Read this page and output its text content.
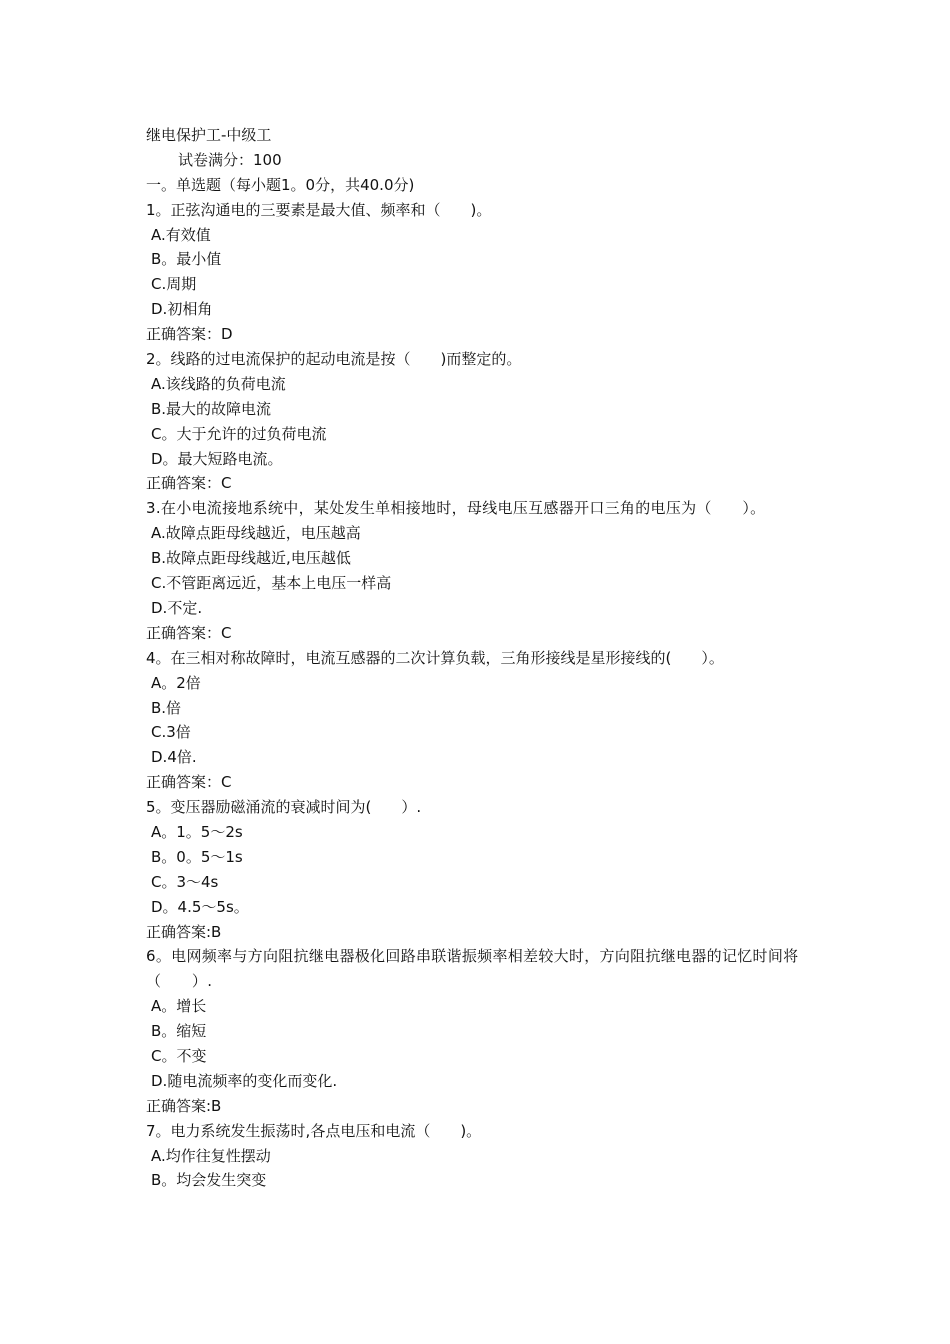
继电保护工-中级工
试卷满分：100
一。单选题（每小题1。0分，共40.0分)
1。正弦沟通电的三要素是最大值、频率和（　　)。
A.有效值
B。最小值
C.周期
D.初相角
正确答案：D
2。线路的过电流保护的起动电流是按（　　)而整定的。
A.该线路的负荷电流
B.最大的故障电流
C。大于允许的过负荷电流
D。最大短路电流。
正确答案：C
3.在小电流接地系统中，某处发生单相接地时，母线电压互感器开口三角的电压为（　　）。
A.故障点距母线越近，电压越高
B.故障点距母线越近,电压越低
C.不管距离远近，基本上电压一样高
D.不定.
正确答案：C
4。在三相对称故障时，电流互感器的二次计算负载，三角形接线是星形接线的(　　）。
A。2倍
B.倍
C.3倍
D.4倍.
正确答案：C
5。变压器励磁涌流的衰减时间为(　　）.
A。1。5～2s
B。0。5～1s
C。3～4s
D。4.5～5s。
正确答案:B
6。电网频率与方向阻抗继电器极化回路串联谐振频率相差较大时，方向阻抗继电器的记忆时间将（　　）.
A。增长
B。缩短
C。不变
D.随电流频率的变化而变化.
正确答案:B
7。电力系统发生振荡时,各点电压和电流（　　)。
A.均作往复性摆动
B。均会发生突变
